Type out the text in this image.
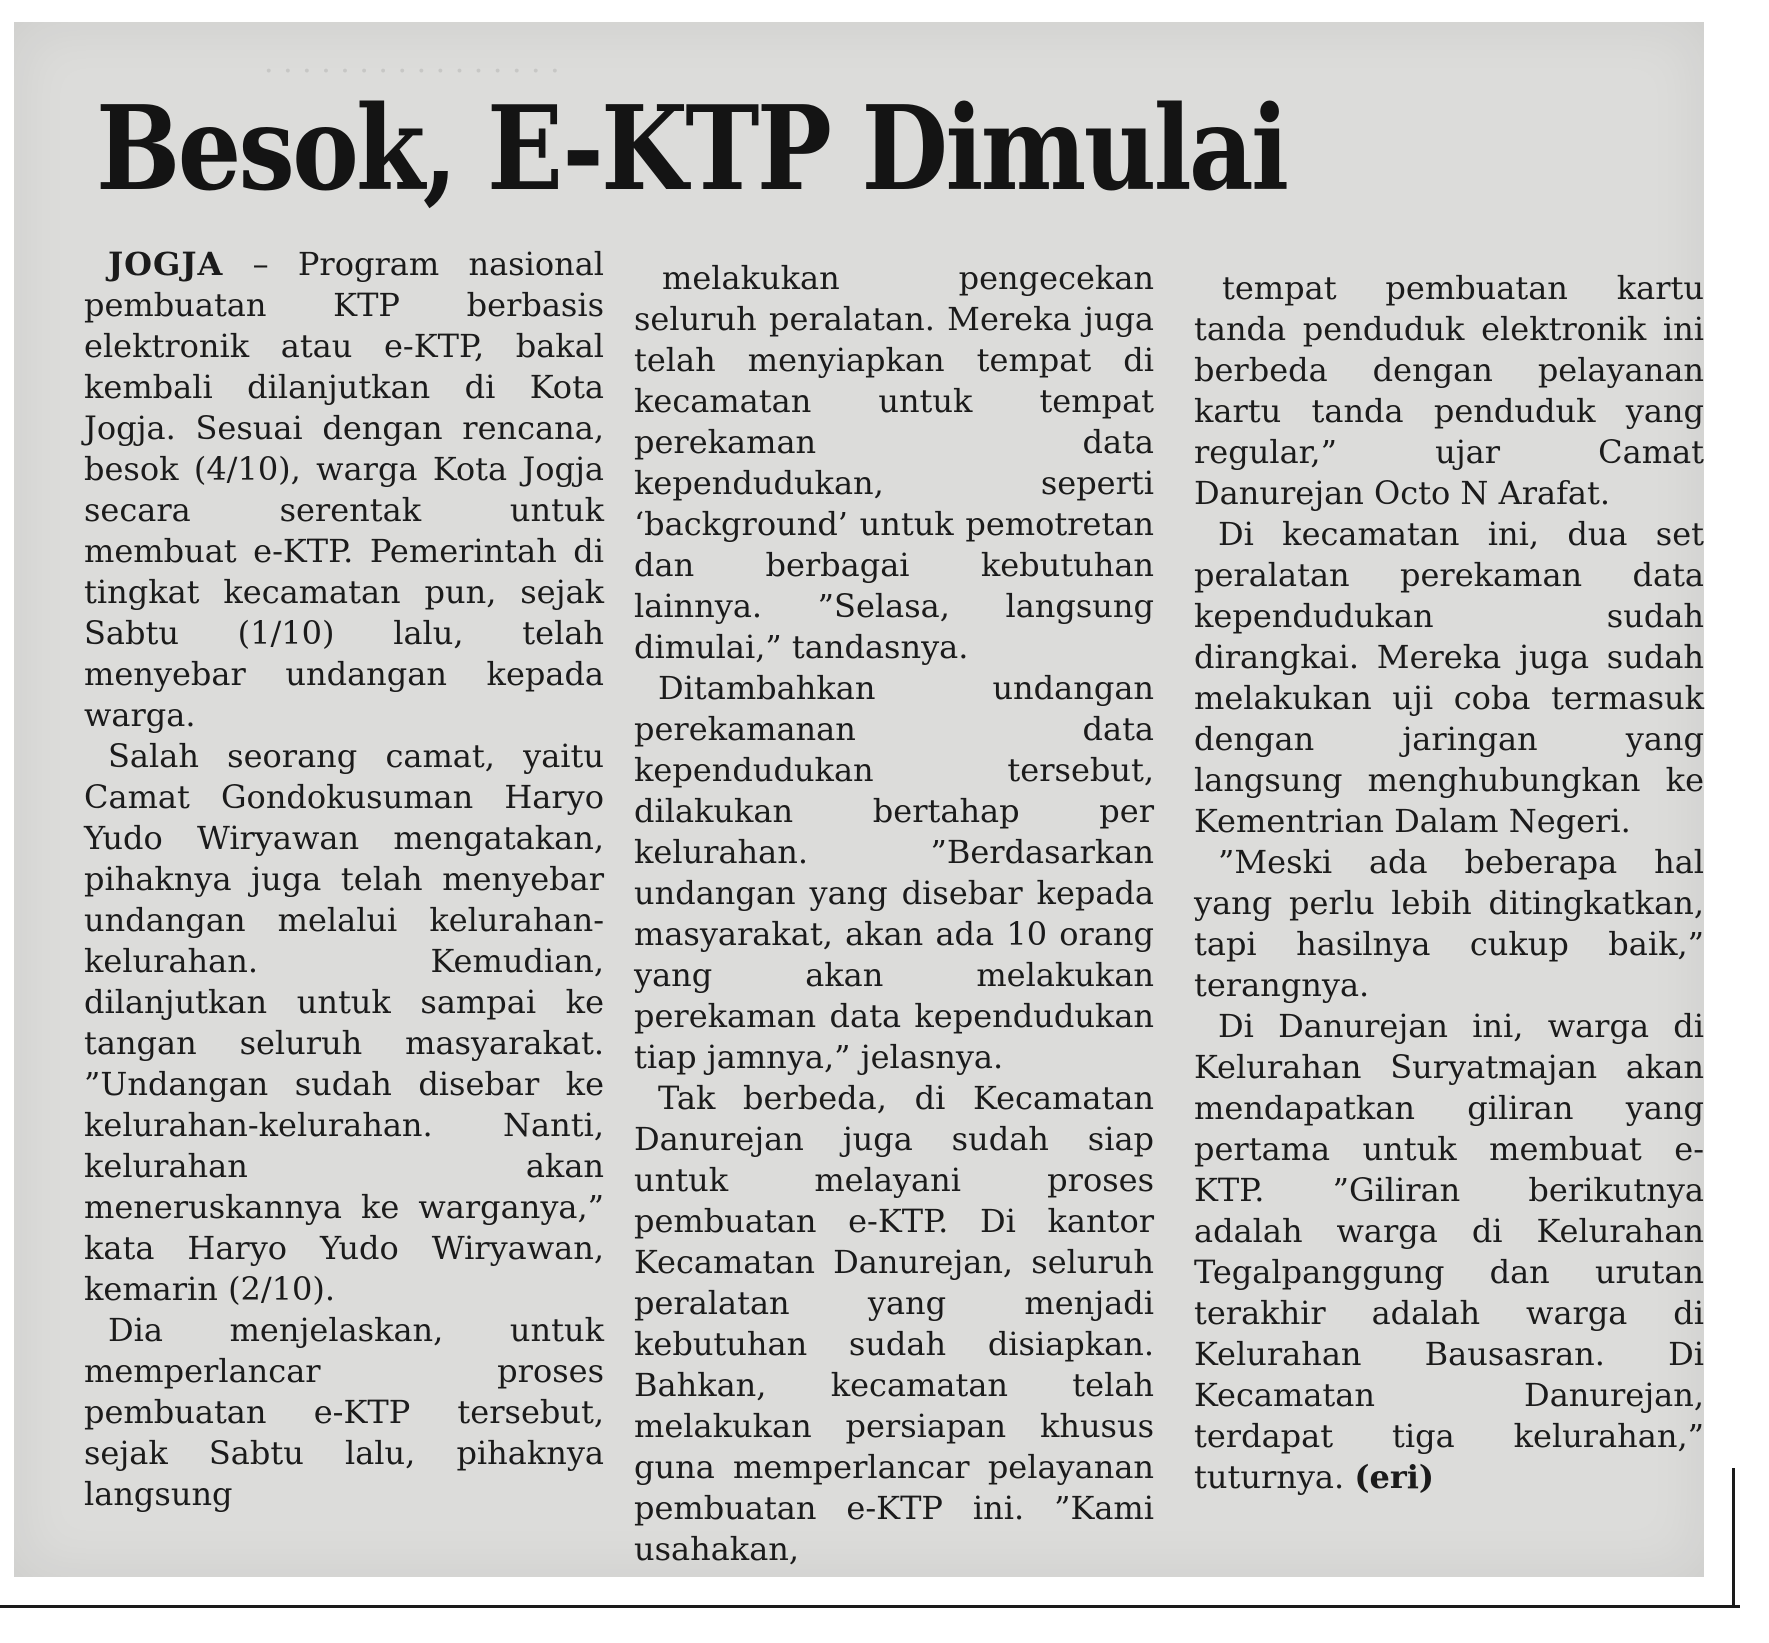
· · · · · · · · · · · · · · · ·
Besok, E-KTP Dimulai

JOGJA – Program nasional pembuatan KTP berbasis elektronik atau e-KTP, bakal kembali dilanjutkan di Kota Jogja. Sesuai dengan rencana, besok (4/10), warga Kota Jogja secara serentak untuk membuat e-KTP. Pemerintah di tingkat kecamatan pun, sejak Sabtu (1/10) lalu, telah menyebar undangan kepada warga.

Salah seorang camat, yaitu Camat Gondokusuman Haryo Yudo Wiryawan mengatakan, pihaknya juga telah menyebar undangan melalui kelurahan-kelurahan. Kemudian, dilanjutkan untuk sampai ke tangan seluruh masyarakat. ”Undangan sudah disebar ke kelurahan-kelurahan. Nanti, kelurahan akan meneruskannya ke warganya,” kata Haryo Yudo Wiryawan, kemarin (2/10).

Dia menjelaskan, untuk memperlancar proses pembuatan e-KTP tersebut, sejak Sabtu lalu, pihaknya langsung

melakukan pengecekan seluruh peralatan. Mereka juga telah menyiapkan tempat di kecamatan untuk tempat perekaman data kependudukan, seperti ‘background’ untuk pemotretan dan berbagai kebutuhan lainnya. ”Selasa, langsung dimulai,” tandasnya.

Ditambahkan undangan perekamanan data kependudukan tersebut, dilakukan bertahap per kelurahan. ”Berdasarkan undangan yang disebar kepada masyarakat, akan ada 10 orang yang akan melakukan perekaman data kependudukan tiap jamnya,” jelasnya.

Tak berbeda, di Kecamatan Danurejan juga sudah siap untuk melayani proses pembuatan e-KTP. Di kantor Kecamatan Danurejan, seluruh peralatan yang menjadi kebutuhan sudah disiapkan. Bahkan, kecamatan telah melakukan persiapan khusus guna memperlancar pelayanan pembuatan e-KTP ini. ”Kami usahakan,

tempat pembuatan kartu tanda penduduk elektronik ini berbeda dengan pelayanan kartu tanda penduduk yang regular,” ujar Camat Danurejan Octo N Arafat.

Di kecamatan ini, dua set peralatan perekaman data kependudukan sudah dirangkai. Mereka juga sudah melakukan uji coba termasuk dengan jaringan yang langsung menghubungkan ke Kementrian Dalam Negeri.

”Meski ada beberapa hal yang perlu lebih ditingkatkan, tapi hasilnya cukup baik,” terangnya.

Di Danurejan ini, warga di Kelurahan Suryatmajan akan mendapatkan giliran yang pertama untuk membuat e-KTP. ”Giliran berikutnya adalah warga di Kelurahan Tegalpanggung dan urutan terakhir adalah warga di Kelurahan Bausasran. Di Kecamatan Danurejan, terdapat tiga kelurahan,” tuturnya. (eri)
